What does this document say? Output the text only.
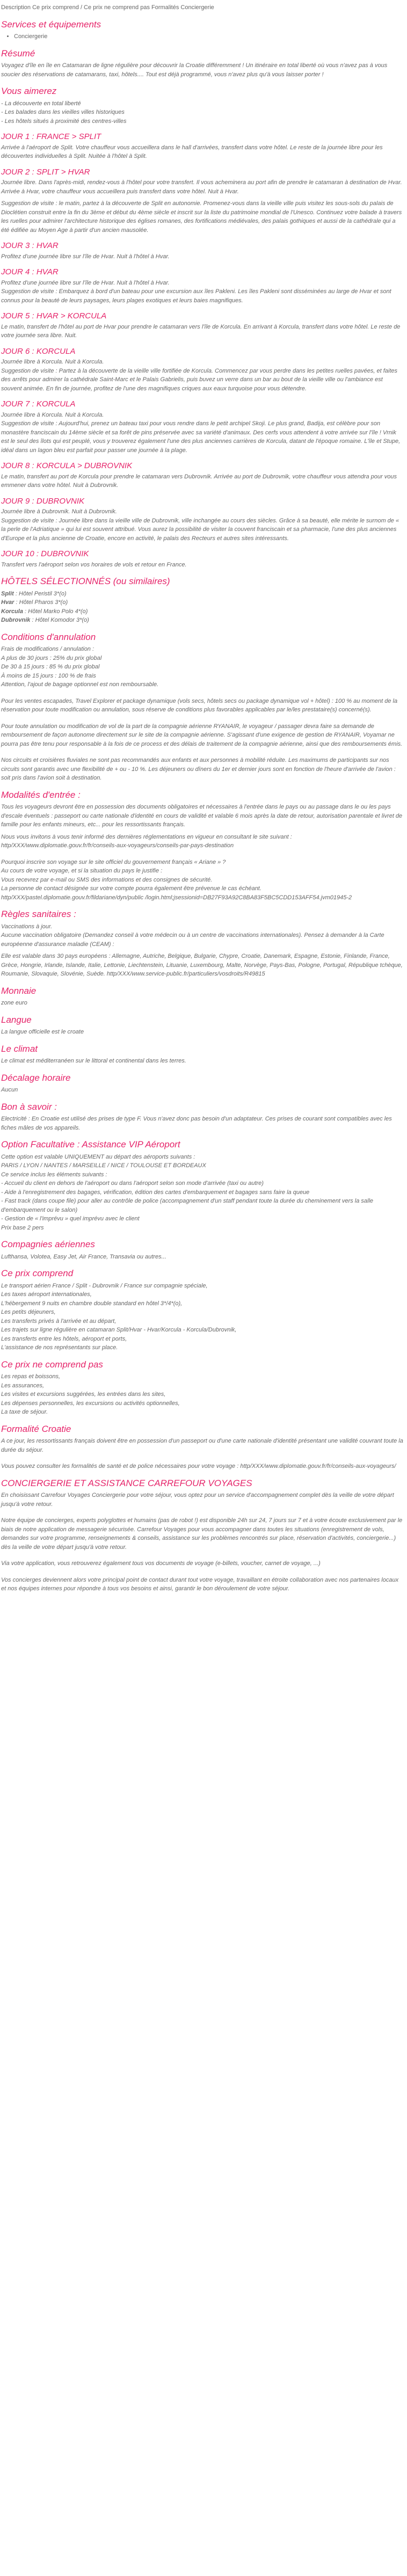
Description Ce prix comprend / Ce prix ne comprend pas Formalités Conciergerie
Services et équipements
• Conciergerie
Résumé

Voyagez d'île en île en Catamaran de ligne régulière pour découvrir la Croatie différemment ! Un itinéraire en total liberté où vous n'avez pas à vous soucier des réservations de catamarans, taxi, hôtels.... Tout est déjà programmé, vous n'avez plus qu'à vous laisser porter !

Vous aimerez

- La découverte en total liberté

- Les balades dans les vieilles villes historiques

- Les hôtels situés à proximité des centres-villes

JOUR 1 : FRANCE > SPLIT

Arrivée à l'aéroport de Split. Votre chauffeur vous accueillera dans le hall d'arrivées, transfert dans votre hôtel. Le reste de la journée libre pour les découvertes individuelles à Split. Nuitée à l'hôtel à Split.

JOUR 2 : SPLIT > HVAR

Journée libre. Dans l'après-midi, rendez-vous à l'hôtel pour votre transfert. Il vous acheminera au port afin de prendre le catamaran à destination de Hvar. Arrivée à Hvar, votre chauffeur vous accueillera puis transfert dans votre hôtel. Nuit à Hvar.

Suggestion de visite : le matin, partez à la découverte de Split en autonomie. Promenez-vous dans la vieille ville puis visitez les sous-sols du palais de Dioclétien construit entre la fin du 3ème et début du 4ème siècle et inscrit sur la liste du patrimoine mondial de l'Unesco. Continuez votre balade à travers les ruelles pour admirer l'architecture historique des églises romanes, des fortifications médiévales, des palais gothiques et aussi de la cathédrale qui a été édifiée au Moyen Age à partir d'un ancien mausolée.

JOUR 3 : HVAR

Profitez d'une journée libre sur l'île de Hvar. Nuit à l'hôtel à Hvar.

JOUR 4 : HVAR

Profitez d'une journée libre sur l'île de Hvar. Nuit à l'hôtel à Hvar.

Suggestion de visite : Embarquez à bord d'un bateau pour une excursion aux îles Pakleni. Les îles Pakleni sont disséminées au large de Hvar et sont connus pour la beauté de leurs paysages, leurs plages exotiques et leurs baies magnifiques.

JOUR 5 : HVAR > KORCULA

Le matin, transfert de l'hôtel au port de Hvar pour prendre le catamaran vers l'île de Korcula. En arrivant à Korcula, transfert dans votre hôtel. Le reste de votre journée sera libre. Nuit.

JOUR 6 : KORCULA

Journée libre à Korcula. Nuit à Korcula.

Suggestion de visite : Partez à la découverte de la vieille ville fortifiée de Korcula. Commencez par vous perdre dans les petites ruelles pavées, et faites des arrêts pour admirer la cathédrale Saint-Marc et le Palais Gabrielis, puis buvez un verre dans un bar au bout de la vieille ville ou l'ambiance est souvent animée. En fin de journée, profitez de l'une des magnifiques criques aux eaux turquoise pour vous détendre.

JOUR 7 : KORCULA

Journée libre à Korcula. Nuit à Korcula.

Suggestion de visite : Aujourd'hui, prenez un bateau taxi pour vous rendre dans le petit archipel Skoji. Le plus grand, Badija, est célèbre pour son monastère franciscain du 14ème siècle et sa forêt de pins préservée avec sa variété d'animaux. Des cerfs vous attendent à votre arrivée sur l'île ! Vrnik est le seul des îlots qui est peuplé, vous y trouverez également l'une des plus anciennes carrières de Korcula, datant de l'époque romaine. L'île et Stupe, idéal dans un lagon bleu est parfait pour passer une journée à la plage.

JOUR 8 : KORCULA > DUBROVNIK

Le matin, transfert au port de Korcula pour prendre le catamaran vers Dubrovnik. Arrivée au port de Dubrovnik, votre chauffeur vous attendra pour vous emmener dans votre hôtel. Nuit à Dubrovnik.

JOUR 9 : DUBROVNIK

Journée libre à Dubrovnik. Nuit à Dubrovnik.

Suggestion de visite : Journée libre dans la vieille ville de Dubrovnik, ville inchangée au cours des siècles. Grâce à sa beauté, elle mérite le surnom de « la perle de l'Adriatique » qui lui est souvent attribué. Vous aurez la possibilité de visiter la couvent franciscain et sa pharmacie, l'une des plus anciennes d'Europe et la plus ancienne de Croatie, encore en activité, le palais des Recteurs et autres sites intéressants.

JOUR 10 : DUBROVNIK

Transfert vers l'aéroport selon vos horaires de vols et retour en France.

HÔTELS SÉLECTIONNÉS (ou similaires)

Split : Hôtel Peristil 3*(o)

Hvar : Hôtel Pharos 3*(o)

Korcula : Hôtel Marko Polo 4*(o)

Dubrovnik : Hôtel Komodor 3*(o)

Conditions d'annulation

Frais de modifications / annulation :

A plus de 30 jours : 25% du prix global

De 30 à 15 jours : 85 % du prix global

À moins de 15 jours : 100 % de frais

Attention, l'ajout de bagage optionnel est non remboursable.

Pour les ventes escapades, Travel Explorer et package dynamique (vols secs, hôtels secs ou package dynamique vol + hôtel) : 100 % au moment de la réservation pour toute modification ou annulation, sous réserve de conditions plus favorables applicables par le/les prestataire(s) concerné(s).

Pour toute annulation ou modification de vol de la part de la compagnie aérienne RYANAIR, le voyageur / passager devra faire sa demande de remboursement de façon autonome directement sur le site de la compagnie aérienne. S'agissant d'une exigence de gestion de RYANAIR, Voyamar ne pourra pas être tenu pour responsable à la fois de ce process et des délais de traitement de la compagnie aérienne, ainsi que des remboursements émis.

Nos circuits et croisières fluviales ne sont pas recommandés aux enfants et aux personnes à mobilité réduite. Les maximums de participants sur nos circuits sont garantis avec une flexibilité de + ou - 10 %. Les déjeuners ou dîners du 1er et dernier jours sont en fonction de l'heure d'arrivée de l'avion : soit pris dans l'avion soit à destination.

Modalités d'entrée :

Tous les voyageurs devront être en possession des documents obligatoires et nécessaires à l'entrée dans le pays ou au passage dans le ou les pays d'escale éventuels : passeport ou carte nationale d'identité en cours de validité et valable 6 mois après la date de retour, autorisation parentale et livret de famille pour les enfants mineurs, etc... pour les ressortissants français.

Nous vous invitons à vous tenir informé des dernières réglementations en vigueur en consultant le site suivant : http/XXX/www.diplomatie.gouv.fr/fr/conseils-aux-voyageurs/conseils-par-pays-destination

Pourquoi inscrire son voyage sur le site officiel du gouvernement français « Ariane » ?

Au cours de votre voyage, et si la situation du pays le justifie :

Vous recevrez par e-mail ou SMS des informations et des consignes de sécurité.

La personne de contact désignée sur votre compte pourra également être prévenue le cas échéant. http/XXX/pastel.diplomatie.gouv.fr/fildariane/dyn/public /login.html;jsessionid=DB27F93A92C8BA83F5BC5CDD153AFF54.jvm01945-2

Règles sanitaires :

Vaccinations à jour.

Aucune vaccination obligatoire (Demandez conseil à votre médecin ou à un centre de vaccinations internationales). Pensez à demander à la Carte européenne d'assurance maladie (CEAM) :

Elle est valable dans 30 pays européens : Allemagne, Autriche, Belgique, Bulgarie, Chypre, Croatie, Danemark, Espagne, Estonie, Finlande, France, Grèce, Hongrie, Irlande, Islande, Italie, Lettonie, Liechtenstein, Lituanie, Luxembourg, Malte, Norvège, Pays-Bas, Pologne, Portugal, République tchèque, Roumanie, Slovaquie, Slovénie, Suède. http/XXX/www.service-public.fr/particuliers/vosdroits/R49815

Monnaie

zone euro

Langue

La langue officielle est le croate

Le climat

Le climat est méditerranéen sur le littoral et continental dans les terres.

Décalage horaire

Aucun

Bon à savoir :

Electricité : En Croatie est utilisé des prises de type F. Vous n'avez donc pas besoin d'un adaptateur. Ces prises de courant sont compatibles avec les fiches mâles de vos appareils.

Option Facultative : Assistance VIP Aéroport

Cette option est valable UNIQUEMENT au départ des aéroports suivants :

PARIS / LYON / NANTES / MARSEILLE / NICE / TOULOUSE ET BORDEAUX

Ce service inclus les éléments suivants :

- Accueil du client en dehors de l'aéroport ou dans l'aéroport selon son mode d'arrivée (taxi ou autre)

- Aide à l'enregistrement des bagages, vérification, édition des cartes d'embarquement et bagages sans faire la queue

- Fast track (dans coupe file) pour aller au contrôle de police (accompagnement d'un staff pendant toute la durée du cheminement vers la salle d'embarquement ou le salon)

- Gestion de « l'imprévu » quel imprévu avec le client

Prix base 2 pers

Compagnies aériennes

Lufthansa, Volotea, Easy Jet, Air France, Transavia ou autres...

Ce prix comprend

Le transport aérien France / Split - Dubrovnik / France sur compagnie spéciale,

Les taxes aéroport internationales,

L'hébergement 9 nuits en chambre double standard en hôtel 3*/4*(o),

Les petits déjeuners,

Les transferts privés à l'arrivée et au départ,

Les trajets sur ligne régulière en catamaran Split/Hvar - Hvar/Korcula - Korcula/Dubrovnik,

Les transferts entre les hôtels, aéroport et ports,

L'assistance de nos représentants sur place.

Ce prix ne comprend pas

Les repas et boissons,

Les assurances,

Les visites et excursions suggérées, les entrées dans les sites,

Les dépenses personnelles, les excursions ou activités optionnelles,

La taxe de séjour.

Formalité Croatie

A ce jour, les ressortissants français doivent être en possession d'un passeport ou d'une carte nationale d'identité présentant une validité couvrant toute la durée du séjour.

Vous pouvez consulter les formalités de santé et de police nécessaires pour votre voyage : http/XXX/www.diplomatie.gouv.fr/fr/conseils-aux-voyageurs/

CONCIERGERIE ET ASSISTANCE CARREFOUR VOYAGES

En choisissant Carrefour Voyages Conciergerie pour votre séjour, vous optez pour un service d'accompagnement complet dès la veille de votre départ jusqu'à votre retour.

Notre équipe de concierges, experts polyglottes et humains (pas de robot !) est disponible 24h sur 24, 7 jours sur 7 et à votre écoute exclusivement par le biais de notre application de messagerie sécurisée. Carrefour Voyages pour vous accompagner dans toutes les situations (enregistrement de vols, demandes sur votre programme, renseignements & conseils, assistance sur les problèmes rencontrés sur place, réservation d'activités, conciergerie...) dès la veille de votre départ jusqu'à votre retour.

Via votre application, vous retrouverez également tous vos documents de voyage (e-billets, voucher, carnet de voyage, ...)

Vos concierges deviennent alors votre principal point de contact durant tout votre voyage, travaillant en étroite collaboration avec nos partenaires locaux et nos équipes internes pour répondre à tous vos besoins et ainsi, garantir le bon déroulement de votre séjour.
